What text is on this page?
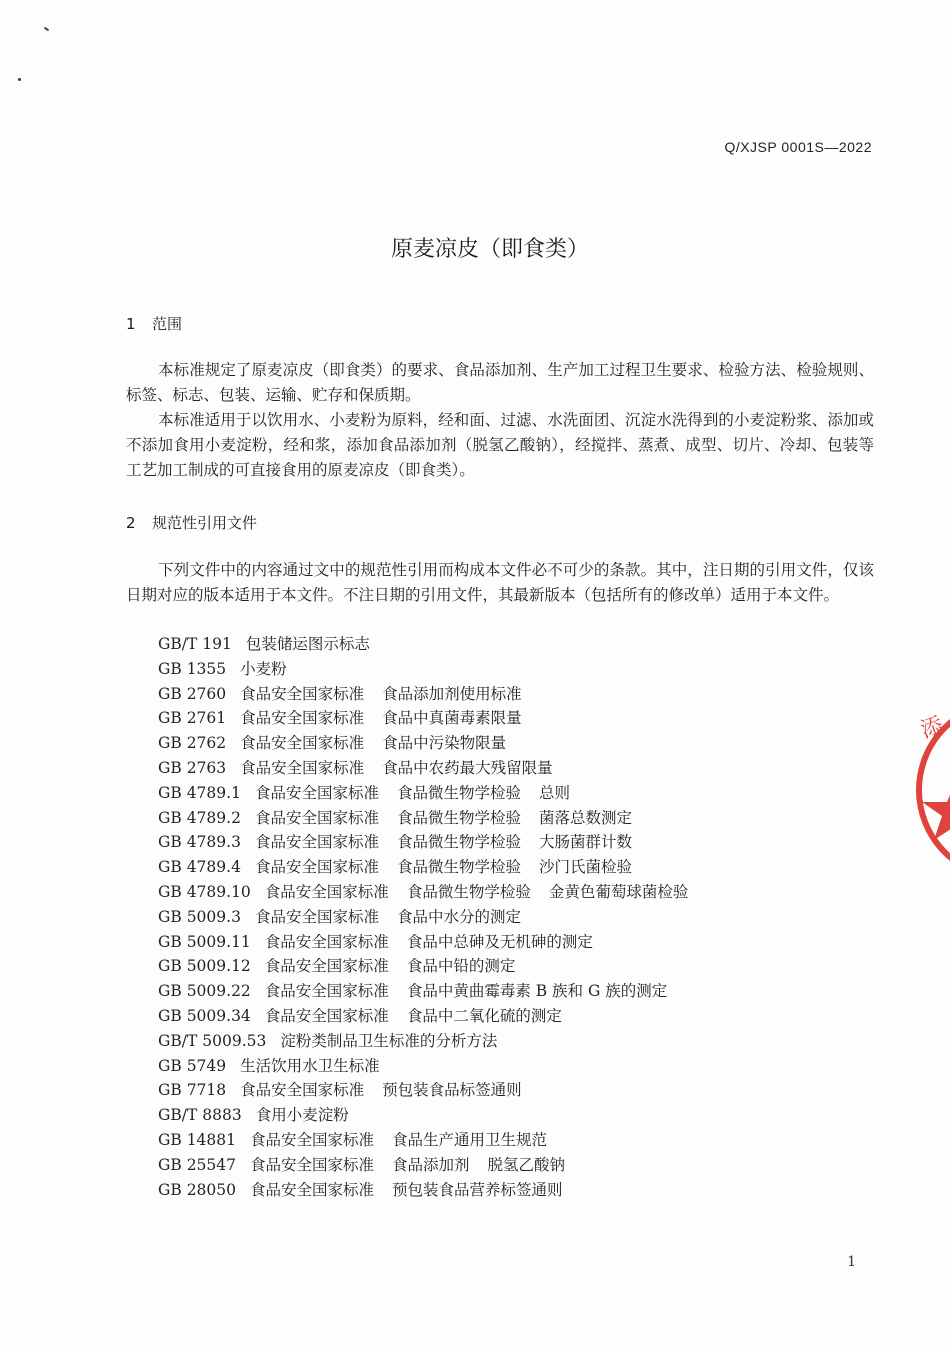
Q/XJSP 0001S—2022
原麦凉皮（即食类）
1 范围
本标准规定了原麦凉皮（即食类）的要求、食品添加剂、生产加工过程卫生要求、检验方法、检验规则、标签、标志、包装、运输、贮存和保质期。
本标准适用于以饮用水、小麦粉为原料，经和面、过滤、水洗面团、沉淀水洗得到的小麦淀粉浆、添加或不添加食用小麦淀粉，经和浆，添加食品添加剂（脱氢乙酸钠），经搅拌、蒸煮、成型、切片、冷却、包装等工艺加工制成的可直接食用的原麦凉皮（即食类）。
2 规范性引用文件
下列文件中的内容通过文中的规范性引用而构成本文件必不可少的条款。其中，注日期的引用文件，仅该日期对应的版本适用于本文件。不注日期的引用文件，其最新版本（包括所有的修改单）适用于本文件。
GB/T 191 包装储运图示标志
GB 1355 小麦粉
GB 2760 食品安全国家标准 食品添加剂使用标准
GB 2761 食品安全国家标准 食品中真菌毒素限量
GB 2762 食品安全国家标准 食品中污染物限量
GB 2763 食品安全国家标准 食品中农药最大残留限量
GB 4789.1 食品安全国家标准 食品微生物学检验 总则
GB 4789.2 食品安全国家标准 食品微生物学检验 菌落总数测定
GB 4789.3 食品安全国家标准 食品微生物学检验 大肠菌群计数
GB 4789.4 食品安全国家标准 食品微生物学检验 沙门氏菌检验
GB 4789.10 食品安全国家标准 食品微生物学检验 金黄色葡萄球菌检验
GB 5009.3 食品安全国家标准 食品中水分的测定
GB 5009.11 食品安全国家标准 食品中总砷及无机砷的测定
GB 5009.12 食品安全国家标准 食品中铅的测定
GB 5009.22 食品安全国家标准 食品中黄曲霉毒素 B 族和 G 族的测定
GB 5009.34 食品安全国家标准 食品中二氧化硫的测定
GB/T 5009.53 淀粉类制品卫生标准的分析方法
GB 5749 生活饮用水卫生标准
GB 7718 食品安全国家标准 预包装食品标签通则
GB/T 8883 食用小麦淀粉
GB 14881 食品安全国家标准 食品生产通用卫生规范
GB 25547 食品安全国家标准 食品添加剂 脱氢乙酸钠
GB 28050 食品安全国家标准 预包装食品营养标签通则
添
1
